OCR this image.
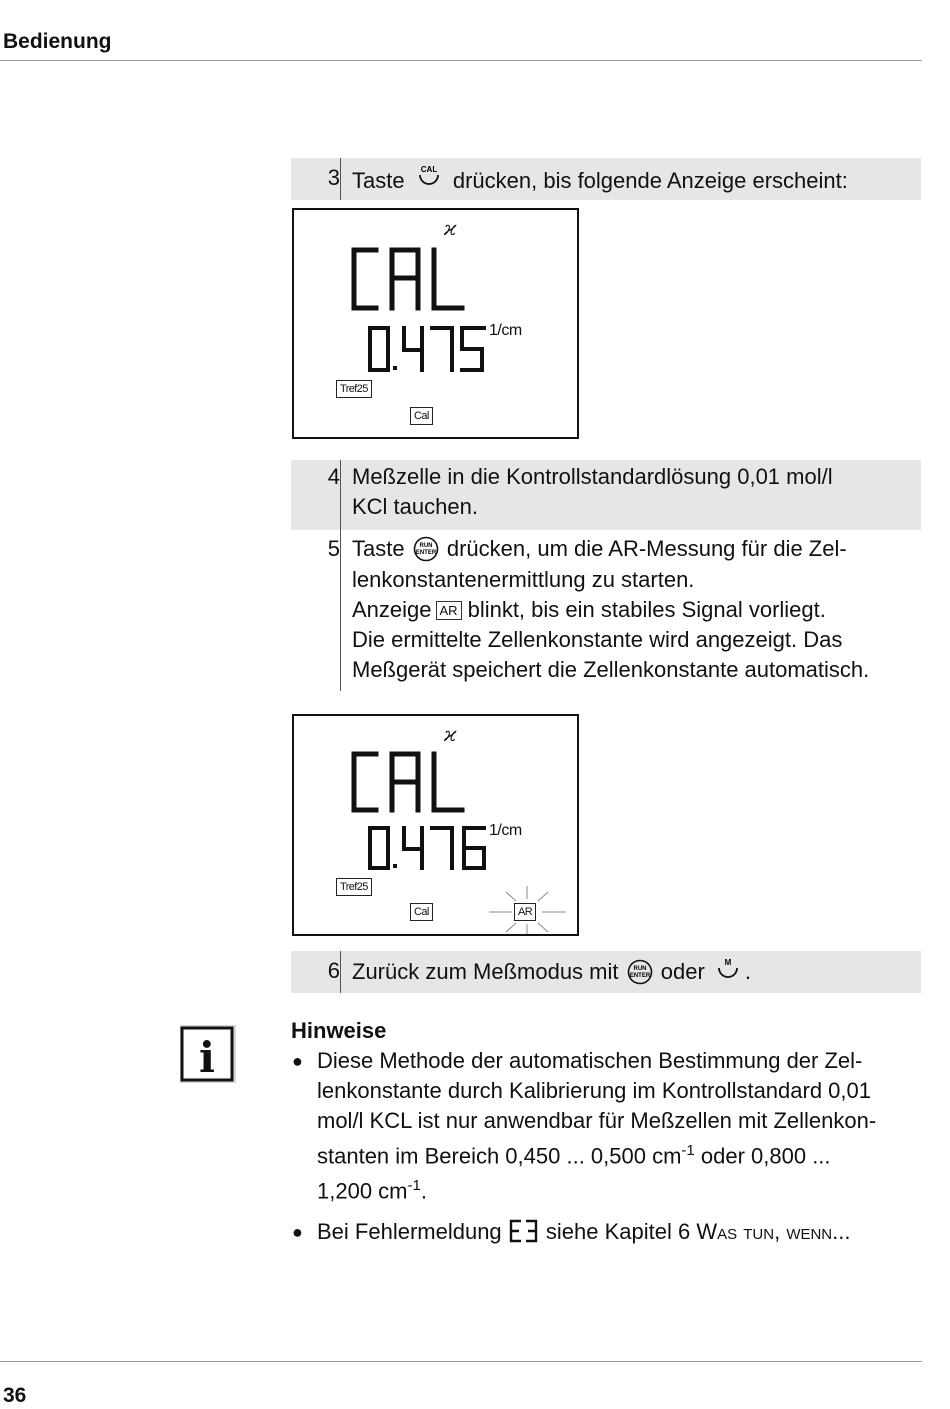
Bedienung
3 Taste CAL drücken, bis folgende Anzeige erscheint:
ϰ
1/cm
Tref25
Cal
4 Meßzelle in die Kontrollstandardlösung 0,01 mol/l KCl tauchen.
5 Taste RUN
ENTER drücken, um die AR-Messung für die Zel-
lenkonstantenermittlung zu starten.
Anzeige AR blinkt, bis ein stabiles Signal vorliegt.
Die ermittelte Zellenkonstante wird angezeigt. Das
Meßgerät speichert die Zellenkonstante automatisch.
ϰ
1/cm
Tref25
Cal	AR
6 Zurück zum Meßmodus mit RUN
ENTER oder M .
i
Hinweise
● Diese Methode der automatischen Bestimmung der Zel-
lenkonstante durch Kalibrierung im Kontrollstandard 0,01
mol/l KCL ist nur anwendbar für Meßzellen mit Zellenkon-
stanten im Bereich 0,450 ... 0,500 $cm^{-1}$ oder 0,800 ...
1,200 $cm^{-1}$.
● Bei Fehlermeldung siehe Kapitel 6 Was tun, wenn...
36
